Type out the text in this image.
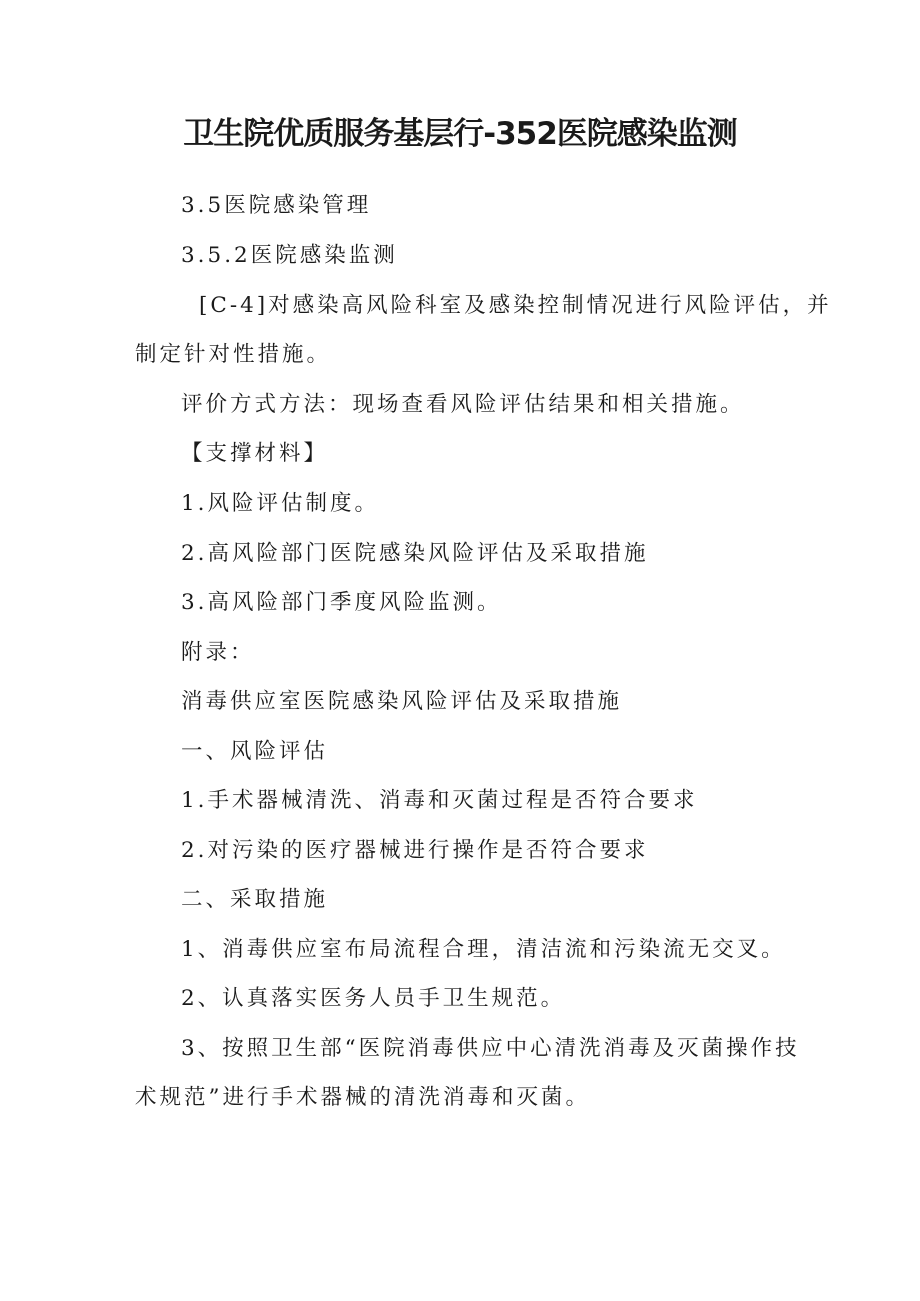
卫生院优质服务基层行-352医院感染监测

3.5医院感染管理

3.5.2医院感染监测

[C-4]对感染高风险科室及感染控制情况进行风险评估，并

制定针对性措施。

评价方式方法：现场查看风险评估结果和相关措施。

【支撑材料】

1.风险评估制度。

2.高风险部门医院感染风险评估及采取措施

3.高风险部门季度风险监测。

附录：

消毒供应室医院感染风险评估及采取措施

一、风险评估

1.手术器械清洗、消毒和灭菌过程是否符合要求

2.对污染的医疗器械进行操作是否符合要求

二、采取措施

1、消毒供应室布局流程合理，清洁流和污染流无交叉。

2、认真落实医务人员手卫生规范。

3、按照卫生部“医院消毒供应中心清洗消毒及灭菌操作技

术规范”进行手术器械的清洗消毒和灭菌。
